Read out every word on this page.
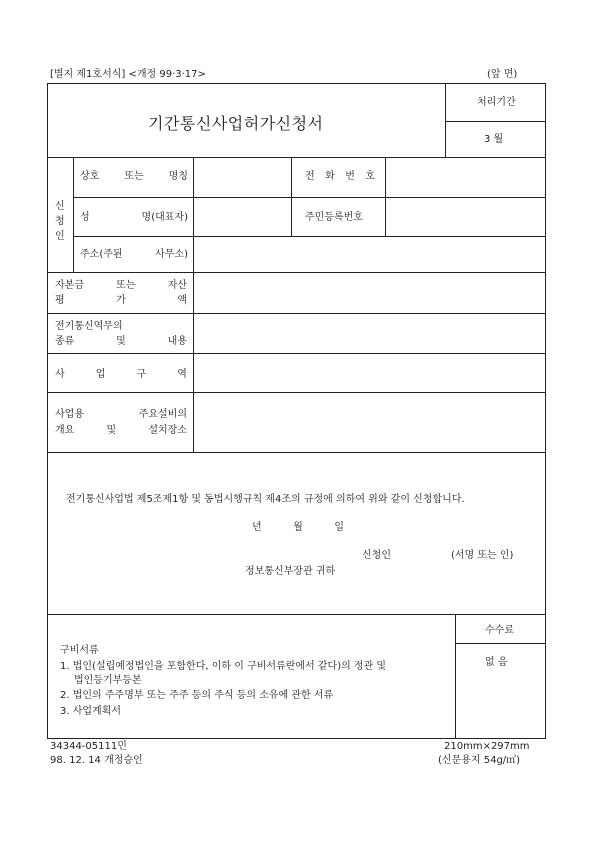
[별지 제1호서식] <개정 99·3·17>	(앞 면)
기간통신사업허가신청서
처리기간
3 월
신
청
인
상호	또는	명칭	전 화 번 호
성	명(대표자)	주민등록번호
주소(주된	사무소)
자본금	또는	자산
평	가	액
전기통신역무의
종류	및	내용
사	업	구	역
사업용	주요설비의
개요	및	설치장소
전기통신사업법 제5조제1항 및 동법시행규칙 제4조의 규정에 의하여 위와 같이 신청합니다.
년	월	일
신청인	(서명 또는 인)
정보통신부장관 귀하
구비서류
1. 법인(설립예정법인을 포함한다, 이하 이 구비서류란에서 같다)의 정관 및
법인등기부등본
2. 법인의 주주명부 또는 주주 등의 주식 등의 소유에 관한 서류
3. 사업계획서
수수료
없 음
34344-05111민
98. 12. 14 개정승인
210mm×297mm
(신문용지 54g/㎡)
